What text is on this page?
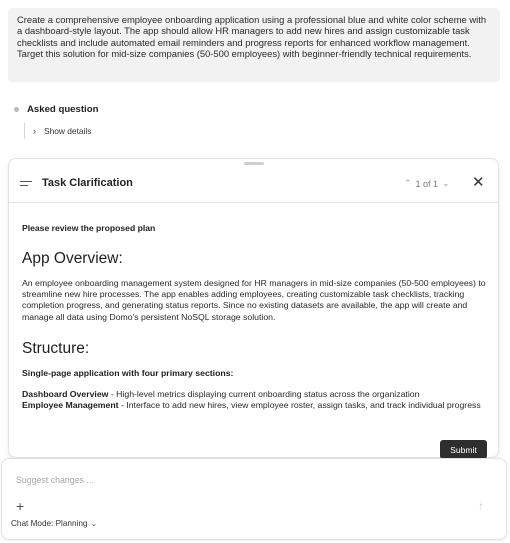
Create a comprehensive employee onboarding application using a professional blue and white color scheme with a dashboard-style layout. The app should allow HR managers to add new hires and assign customizable task checklists and include automated email reminders and progress reports for enhanced workflow management. Target this solution for mid-size companies (50-500 employees) with beginner-friendly technical requirements.
Asked question
› Show details
Task Clarification	⌃ 1 of 1 ⌄ ✕
Please review the proposed plan
App Overview:
An employee onboarding management system designed for HR managers in mid-size companies (50-500 employees) to streamline new hire processes. The app enables adding employees, creating customizable task checklists, tracking completion progress, and generating status reports. Since no existing datasets are available, the app will create and manage all data using Domo's persistent NoSQL storage solution.
Structure:
Single-page application with four primary sections:
Dashboard Overview - High-level metrics displaying current onboarding status across the organization
Employee Management - Interface to add new hires, view employee roster, assign tasks, and track individual progress
Submit
Suggest changes ...
+
Chat Mode: Planning ⌄
↑
